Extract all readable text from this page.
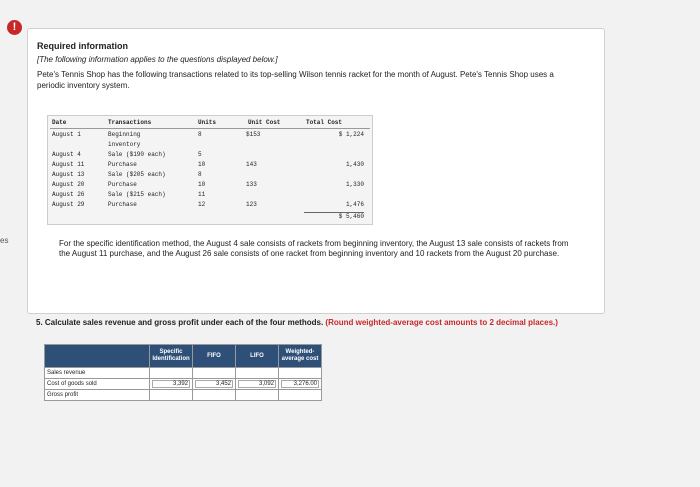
!
es
Required information
[The following information applies to the questions displayed below.]
Pete's Tennis Shop has the following transactions related to its top-selling Wilson tennis racket for the month of August. Pete's Tennis Shop uses a periodic inventory system.
Date	Transactions	Units	Unit Cost	Total Cost
August 1	Beginning	8	$153	$ 1,224
inventory
August 4	Sale ($190 each)	5
August 11	Purchase	10	143	1,430
August 13	Sale ($205 each)	8
August 20	Purchase	10	133	1,330
August 26	Sale ($215 each)	11
August 29	Purchase	12	123	1,476
$ 5,460
For the specific identification method, the August 4 sale consists of rackets from beginning inventory, the August 13 sale consists of rackets from the August 11 purchase, and the August 26 sale consists of one racket from beginning inventory and 10 rackets from the August 20 purchase.
5. Calculate sales revenue and gross profit under each of the four methods. (Round weighted-average cost amounts to 2 decimal places.)
	Specific Identification	FIFO	LIFO	Weighted-average cost
Sales revenue				
Cost of goods sold	3,392	3,452	3,092	3,276.00
Gross profit				
